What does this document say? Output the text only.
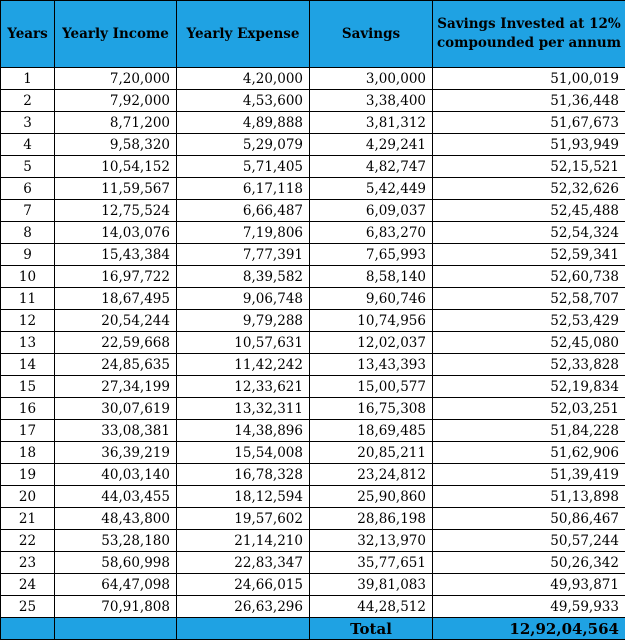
Years	Yearly Income	Yearly Expense	Savings	Savings Invested at 12% compounded per annum
1	7,20,000	4,20,000	3,00,000	51,00,019
2	7,92,000	4,53,600	3,38,400	51,36,448
3	8,71,200	4,89,888	3,81,312	51,67,673
4	9,58,320	5,29,079	4,29,241	51,93,949
5	10,54,152	5,71,405	4,82,747	52,15,521
6	11,59,567	6,17,118	5,42,449	52,32,626
7	12,75,524	6,66,487	6,09,037	52,45,488
8	14,03,076	7,19,806	6,83,270	52,54,324
9	15,43,384	7,77,391	7,65,993	52,59,341
10	16,97,722	8,39,582	8,58,140	52,60,738
11	18,67,495	9,06,748	9,60,746	52,58,707
12	20,54,244	9,79,288	10,74,956	52,53,429
13	22,59,668	10,57,631	12,02,037	52,45,080
14	24,85,635	11,42,242	13,43,393	52,33,828
15	27,34,199	12,33,621	15,00,577	52,19,834
16	30,07,619	13,32,311	16,75,308	52,03,251
17	33,08,381	14,38,896	18,69,485	51,84,228
18	36,39,219	15,54,008	20,85,211	51,62,906
19	40,03,140	16,78,328	23,24,812	51,39,419
20	44,03,455	18,12,594	25,90,860	51,13,898
21	48,43,800	19,57,602	28,86,198	50,86,467
22	53,28,180	21,14,210	32,13,970	50,57,244
23	58,60,998	22,83,347	35,77,651	50,26,342
24	64,47,098	24,66,015	39,81,083	49,93,871
25	70,91,808	26,63,296	44,28,512	49,59,933
			Total	12,92,04,564
